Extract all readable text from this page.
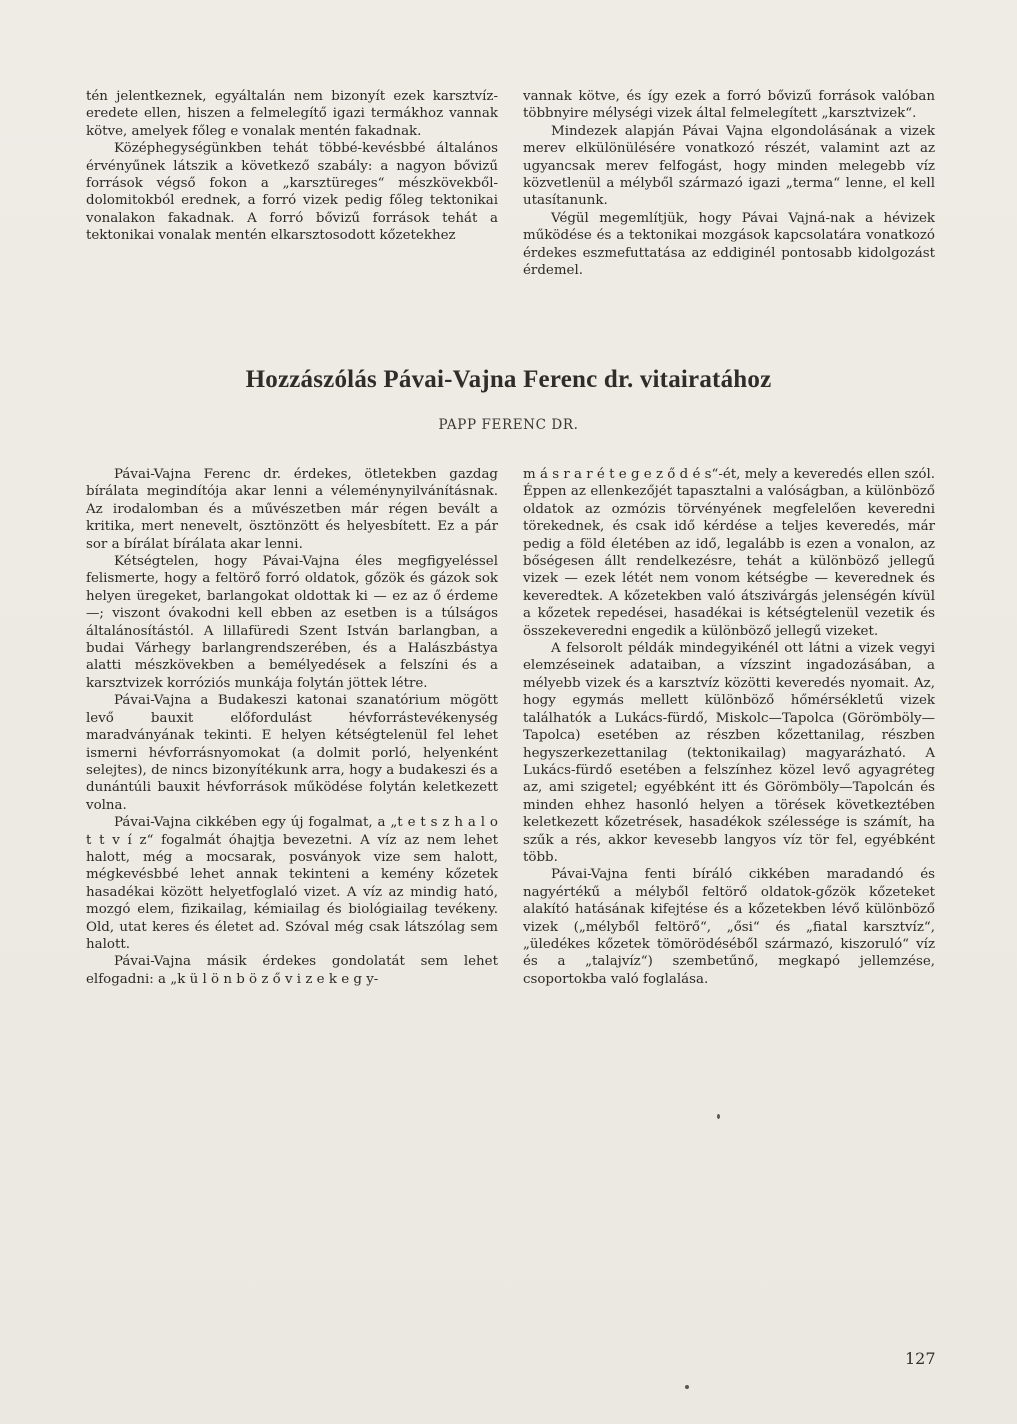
tén jelentkeznek, egyáltalán nem bizonyít ezek karsztvíz-eredete ellen, hiszen a felmelegítő igazi termákhoz vannak kötve, amelyek főleg e vonalak mentén fakadnak.

Középhegységünkben tehát többé-kevésbbé általános érvényűnek látszik a következő szabály: a nagyon bővizű források végső fokon a „karsztüreges“ mészkövekből-dolomitokból erednek, a forró vizek pedig főleg tektonikai vonalakon fakadnak. A forró bővizű források tehát a tektonikai vonalak mentén elkarsztosodott kőzetekhez

vannak kötve, és így ezek a forró bővizű források valóban többnyire mélységi vizek által felmelegített „karsztvizek“.

Mindezek alapján Pávai Vajna elgondolásának a vizek merev elkülönülésére vonatkozó részét, valamint azt az ugyancsak merev felfogást, hogy minden melegebb víz közvetlenül a mélyből származó igazi „terma“ lenne, el kell utasítanunk.

Végül megemlítjük, hogy Pávai Vajná-nak a hévizek működése és a tektonikai mozgások kapcsolatára vonatkozó érdekes eszmefuttatása az eddiginél pontosabb kidolgozást érdemel.

Hozzászólás Pávai-Vajna Ferenc dr. vitairatához
PAPP FERENC DR.

Pávai-Vajna Ferenc dr. érdekes, ötletekben gazdag bírálata megindítója akar lenni a véleménynyilvánításnak. Az irodalomban és a művészetben már régen bevált a kritika, mert nenevelt, ösztönzött és helyesbített. Ez a pár sor a bírálat bírálata akar lenni.

Kétségtelen, hogy Pávai-Vajna éles megfigyeléssel felismerte, hogy a feltörő forró oldatok, gőzök és gázok sok helyen üregeket, barlangokat oldottak ki — ez az ő érdeme —; viszont óvakodni kell ebben az esetben is a túlságos általánosítástól. A lillafüredi Szent István barlangban, a budai Várhegy barlangrendszerében, és a Halászbástya alatti mészkövekben a bemélyedések a felszíni és a karsztvizek korróziós munkája folytán jöttek létre.

Pávai-Vajna a Budakeszi katonai szanatórium mögött levő bauxit előfordulást hévforrástevékenység maradványának tekinti. E helyen kétségtelenül fel lehet ismerni hévforrásnyomokat (a dolmit porló, helyenként selejtes), de nincs bizonyítékunk arra, hogy a budakeszi és a dunántúli bauxit hévforrások működése folytán keletkezett volna.

Pávai-Vajna cikkében egy új fogalmat, a „t e t s z h a l o t t v í z“ fogalmát óhajtja bevezetni. A víz az nem lehet halott, még a mocsarak, posványok vize sem halott, mégkevésbbé lehet annak tekinteni a kemény kőzetek hasadékai között helyetfoglaló vizet. A víz az mindig ható, mozgó elem, fizikailag, kémiailag és biológiailag tevékeny. Old, utat keres és életet ad. Szóval még csak látszólag sem halott.

Pávai-Vajna másik érdekes gondolatát sem lehet elfogadni: a „k ü l ö n b ö z ő v i z e k e g y-

m á s r a r é t e g e z ő d é s“-ét, mely a keveredés ellen szól. Éppen az ellenkezőjét tapasztalni a valóságban, a különböző oldatok az ozmózis törvényének megfelelően keveredni törekednek, és csak idő kérdése a teljes keveredés, már pedig a föld életében az idő, legalább is ezen a vonalon, az bőségesen állt rendelkezésre, tehát a különböző jellegű vizek — ezek létét nem vonom kétségbe — keverednek és keveredtek. A kőzetekben való átszivárgás jelenségén kívül a kőzetek repedései, hasadékai is kétségtelenül vezetik és összekeveredni engedik a különböző jellegű vizeket.

A felsorolt példák mindegyikénél ott látni a vizek vegyi elemzéseinek adataiban, a vízszint ingadozásában, a mélyebb vizek és a karsztvíz közötti keveredés nyomait. Az, hogy egymás mellett különböző hőmérsékletű vizek találhatók a Lukács-fürdő, Miskolc—Tapolca (Görömböly—Tapolca) esetében az részben kőzettanilag, részben hegyszerkezettanilag (tektonikailag) magyarázható. A Lukács-fürdő esetében a felszínhez közel levő agyagréteg az, ami szigetel; egyébként itt és Görömböly—Tapolcán és minden ehhez hasonló helyen a törések következtében keletkezett kőzetrések, hasadékok szélessége is számít, ha szűk a rés, akkor kevesebb langyos víz tör fel, egyébként több.

Pávai-Vajna fenti bíráló cikkében maradandó és nagyértékű a mélyből feltörő oldatok-gőzök kőzeteket alakító hatásának kifejtése és a kőzetekben lévő különböző vizek („mélyből feltörő“, „ősi“ és „fiatal karsztvíz“, „üledékes kőzetek tömörödéséből származó, kiszoruló“ víz és a „talajvíz“) szembetűnő, megkapó jellemzése, csoportokba való foglalása.

127
